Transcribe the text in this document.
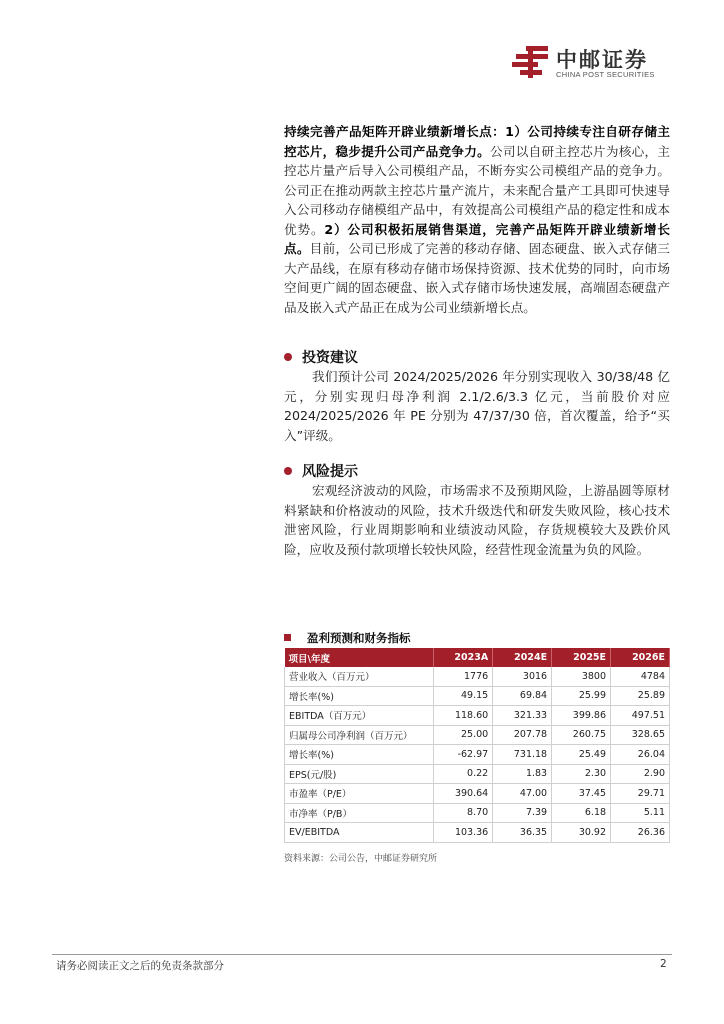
中邮证券
CHINA POST SECURITIES
持续完善产品矩阵开辟业绩新增长点：1）公司持续专注自研存储主控芯片，稳步提升公司产品竞争力。公司以自研主控芯片为核心，主控芯片量产后导入公司模组产品，不断夯实公司模组产品的竞争力。公司正在推动两款主控芯片量产流片，未来配合量产工具即可快速导入公司移动存储模组产品中，有效提高公司模组产品的稳定性和成本优势。2）公司积极拓展销售渠道，完善产品矩阵开辟业绩新增长点。目前，公司已形成了完善的移动存储、固态硬盘、嵌入式存储三大产品线，在原有移动存储市场保持资源、技术优势的同时，向市场空间更广阔的固态硬盘、嵌入式存储市场快速发展，高端固态硬盘产品及嵌入式产品正在成为公司业绩新增长点。
投资建议
我们预计公司 2024/2025/2026 年分别实现收入 30/38/48 亿元，分别实现归母净利润 2.1/2.6/3.3 亿元，当前股价对应 2024/2025/2026 年 PE 分别为 47/37/30 倍，首次覆盖，给予“买入”评级。
风险提示
宏观经济波动的风险，市场需求不及预期风险，上游晶圆等原材料紧缺和价格波动的风险，技术升级迭代和研发失败风险，核心技术泄密风险，行业周期影响和业绩波动风险，存货规模较大及跌价风险，应收及预付款项增长较快风险，经营性现金流量为负的风险。
盈利预测和财务指标
项目\年度	2023A	2024E	2025E	2026E
营业收入（百万元）	1776	3016	3800	4784
增长率(%)	49.15	69.84	25.99	25.89
EBITDA（百万元）	118.60	321.33	399.86	497.51
归属母公司净利润（百万元）	25.00	207.78	260.75	328.65
增长率(%)	-62.97	731.18	25.49	26.04
EPS(元/股)	0.22	1.83	2.30	2.90
市盈率（P/E）	390.64	47.00	37.45	29.71
市净率（P/B）	8.70	7.39	6.18	5.11
EV/EBITDA	103.36	36.35	30.92	26.36
资料来源：公司公告，中邮证券研究所
请务必阅读正文之后的免责条款部分	2
